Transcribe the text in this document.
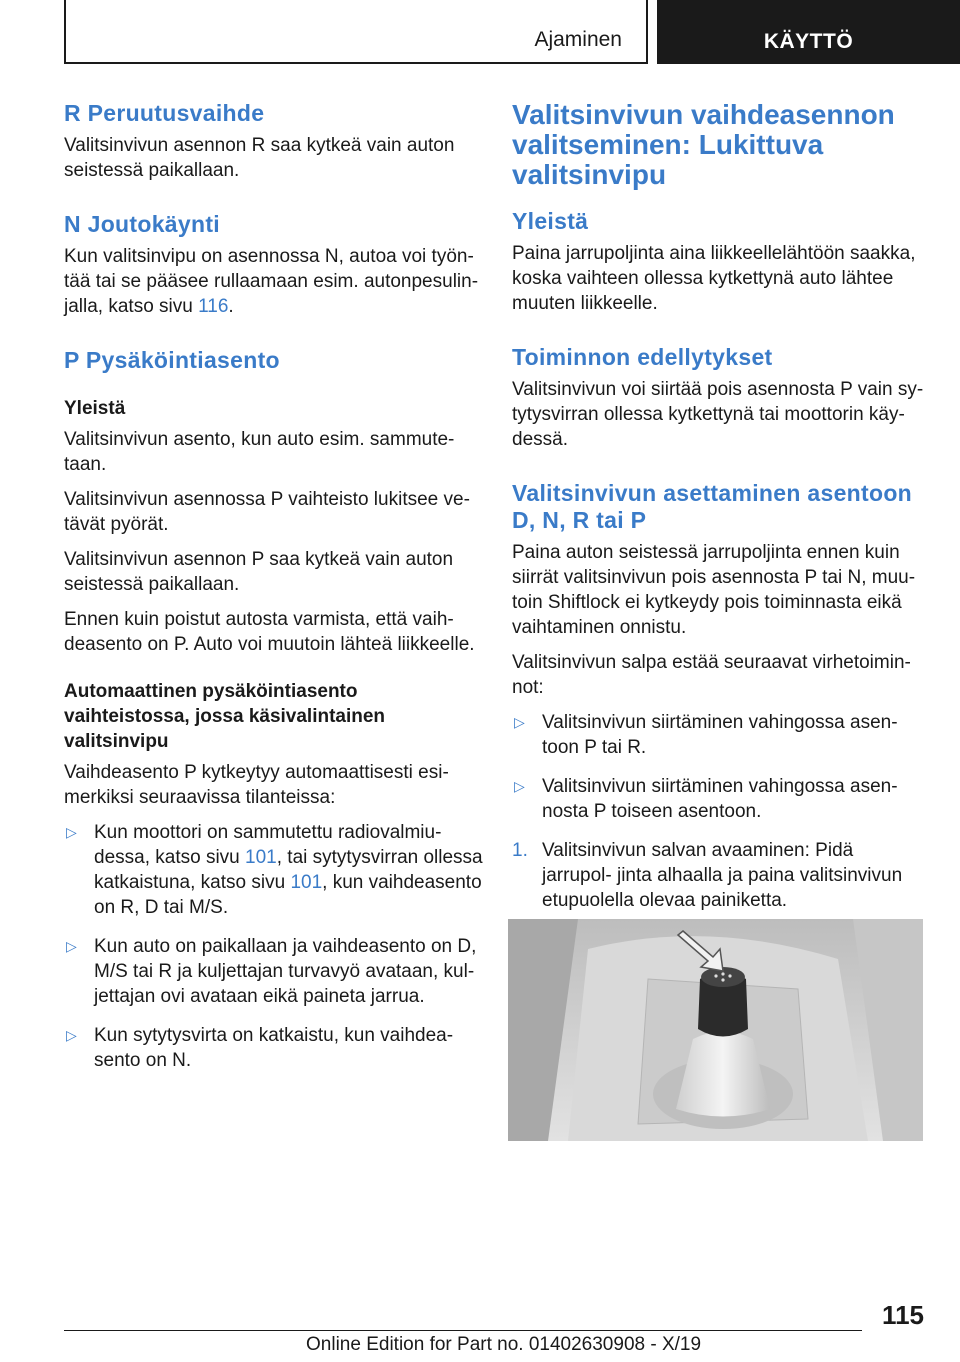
Ajaminen	KÄYTTÖ
R Peruutusvaihde

Valitsinvivun asennon R saa kytkeä vain auton seistessä paikallaan.

N Joutokäynti

Kun valitsinvipu on asennossa N, autoa voi työn- tää tai se pääsee rullaamaan esim. autonpesulin- jalla, katso sivu 116.

P Pysäköintiasento
Yleistä

Valitsinvivun asento, kun auto esim. sammute- taan.

Valitsinvivun asennossa P vaihteisto lukitsee ve- tävät pyörät.

Valitsinvivun asennon P saa kytkeä vain auton seistessä paikallaan.

Ennen kuin poistut autosta varmista, että vaih- deasento on P. Auto voi muutoin lähteä liikkeelle.

Automaattinen pysäköintiasento vaihteistossa, jossa käsivalintainen valitsinvipu

Vaihdeasento P kytkeytyy automaattisesti esi- merkiksi seuraavissa tilanteissa:

▷ Kun moottori on sammutettu radiovalmiu- dessa, katso sivu 101, tai sytytysvirran ollessa katkaistuna, katso sivu 101, kun vaihdeasento on R, D tai M/S.
▷ Kun auto on paikallaan ja vaihdeasento on D, M/S tai R ja kuljettajan turvavyö avataan, kul- jettajan ovi avataan eikä paineta jarrua.
▷ Kun sytytysvirta on katkaistu, kun vaihdea- sento on N.
Valitsinvivun vaihdeasennon valitseminen: Lukittuva valitsinvipu
Yleistä

Paina jarrupoljinta aina liikkeellelähtöön saakka, koska vaihteen ollessa kytkettynä auto lähtee muuten liikkeelle.

Toiminnon edellytykset

Valitsinvivun voi siirtää pois asennosta P vain sy- tytysvirran ollessa kytkettynä tai moottorin käy- dessä.

Valitsinvivun asettaminen asentoon D, N, R tai P

Paina auton seistessä jarrupoljinta ennen kuin siirrät valitsinvivun pois asennosta P tai N, muu- toin Shiftlock ei kytkeydy pois toiminnasta eikä vaihtaminen onnistu.

Valitsinvivun salpa estää seuraavat virhetoimin- not:

▷ Valitsinvivun siirtäminen vahingossa asen- toon P tai R.
▷ Valitsinvivun siirtäminen vahingossa asen- nosta P toiseen asentoon.
1. Valitsinvivun salvan avaaminen: Pidä jarrupol- jinta alhaalla ja paina valitsinvivun etupuolella olevaa painiketta.
115
Online Edition for Part no. 01402630908 - X/19
